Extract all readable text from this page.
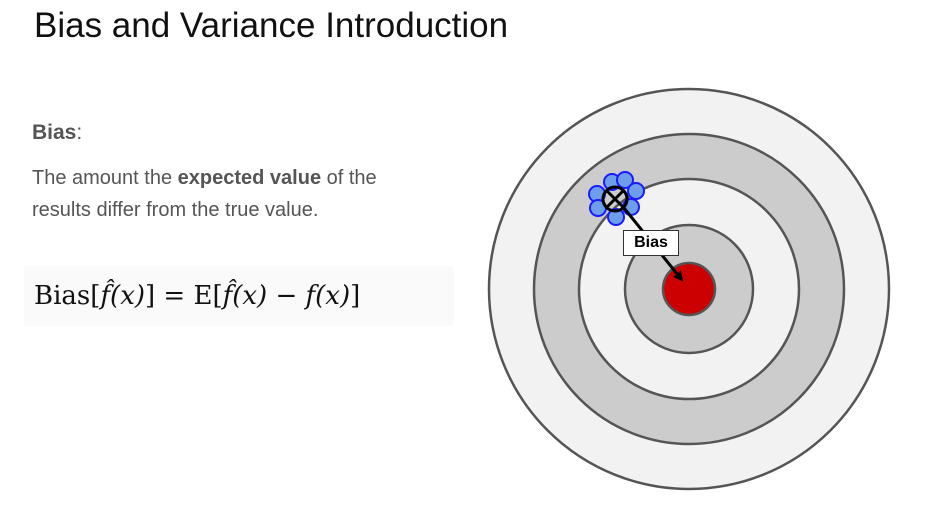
Bias and Variance Introduction

Bias:

The amount the expected value of the results differ from the true value.

Bias[f̂(x)] = E[f̂(x) − f(x)]
Bias
